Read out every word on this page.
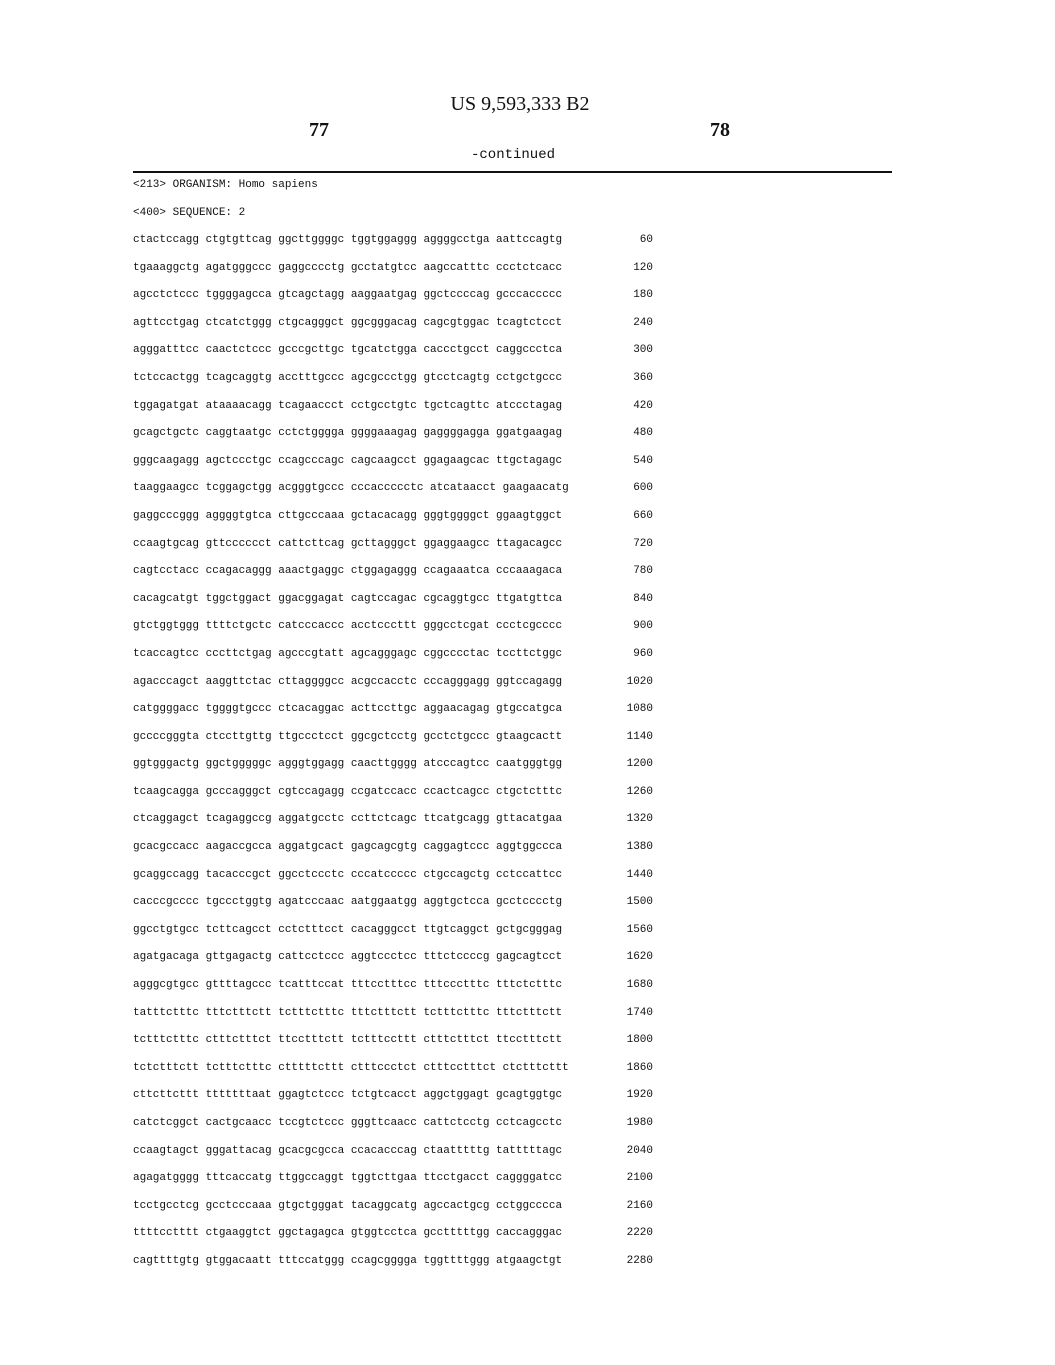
US 9,593,333 B2
77	78
-continued
<213> ORGANISM: Homo sapiens
<400> SEQUENCE: 2
ctactccagg ctgtgttcag ggcttggggc tggtggaggg aggggcctga aattccagtg	60
tgaaaggctg agatgggccc gaggcccctg gcctatgtcc aagccatttc ccctctcacc	120
agcctctccc tggggagcca gtcagctagg aaggaatgag ggctccccag gcccaccccc	180
agttcctgag ctcatctggg ctgcagggct ggcgggacag cagcgtggac tcagtctcct	240
agggatttcc caactctccc gcccgcttgc tgcatctgga caccctgcct caggccctca	300
tctccactgg tcagcaggtg acctttgccc agcgccctgg gtcctcagtg cctgctgccc	360
tggagatgat ataaaacagg tcagaaccct cctgcctgtc tgctcagttc atccctagag	420
gcagctgctc caggtaatgc cctctgggga ggggaaagag gaggggagga ggatgaagag	480
gggcaagagg agctccctgc ccagcccagc cagcaagcct ggagaagcac ttgctagagc	540
taaggaagcc tcggagctgg acgggtgccc cccaccccctc atcataacct gaagaacatg	600
gaggcccggg aggggtgtca cttgcccaaa gctacacagg gggtggggct ggaagtggct	660
ccaagtgcag gttcccccct cattcttcag gcttagggct ggaggaagcc ttagacagcc	720
cagtcctacc ccagacaggg aaactgaggc ctggagaggg ccagaaatca cccaaagaca	780
cacagcatgt tggctggact ggacggagat cagtccagac cgcaggtgcc ttgatgttca	840
gtctggtggg ttttctgctc catcccaccc acctcccttt gggcctcgat ccctcgcccc	900
tcaccagtcc cccttctgag agcccgtatt agcagggagc cggcccctac tccttctggc	960
agacccagct aaggttctac cttaggggcc acgccacctc cccagggagg ggtccagagg	1020
catggggacc tggggtgccc ctcacaggac acttccttgc aggaacagag gtgccatgca	1080
gccccgggta ctccttgttg ttgccctcct ggcgctcctg gcctctgccc gtaagcactt	1140
ggtgggactg ggctgggggc agggtggagg caacttgggg atcccagtcc caatgggtgg	1200
tcaagcagga gcccagggct cgtccagagg ccgatccacc ccactcagcc ctgctctttc	1260
ctcaggagct tcagaggccg aggatgcctc ccttctcagc ttcatgcagg gttacatgaa	1320
gcacgccacc aagaccgcca aggatgcact gagcagcgtg caggagtccc aggtggccca	1380
gcaggccagg tacacccgct ggcctccctc cccatccccc ctgccagctg cctccattcc	1440
cacccgcccc tgccctggtg agatcccaac aatggaatgg aggtgctcca gcctcccctg	1500
ggcctgtgcc tcttcagcct cctctttcct cacagggcct ttgtcaggct gctgcgggag	1560
agatgacaga gttgagactg cattcctccc aggtccctcc tttctccccg gagcagtcct	1620
agggcgtgcc gttttagccc tcatttccat tttcctttcc tttccctttc tttctctttc	1680
tatttctttc tttctttctt tctttctttc tttctttctt tctttctttc tttctttctt	1740
tctttctttc ctttctttct ttcctttctt tctttccttt ctttctttct ttcctttctt	1800
tctctttctt tctttctttc ctttttcttt ctttccctct ctttcctttct ctctttcttt	1860
cttcttcttt tttttttaat ggagtctccc tctgtcacct aggctggagt gcagtggtgc	1920
catctcggct cactgcaacc tccgtctccc gggttcaacc cattctcctg cctcagcctc	1980
ccaagtagct gggattacag gcacgcgcca ccacacccag ctaatttttg tatttttagc	2040
agagatgggg tttcaccatg ttggccaggt tggtcttgaa ttcctgacct caggggatcc	2100
tcctgcctcg gcctcccaaa gtgctgggat tacaggcatg agccactgcg cctggcccca	2160
ttttcctttt ctgaaggtct ggctagagca gtggtcctca gcctttttgg caccagggac	2220
cagttttgtg gtggacaatt tttccatggg ccagcgggga tggttttggg atgaagctgt	2280
